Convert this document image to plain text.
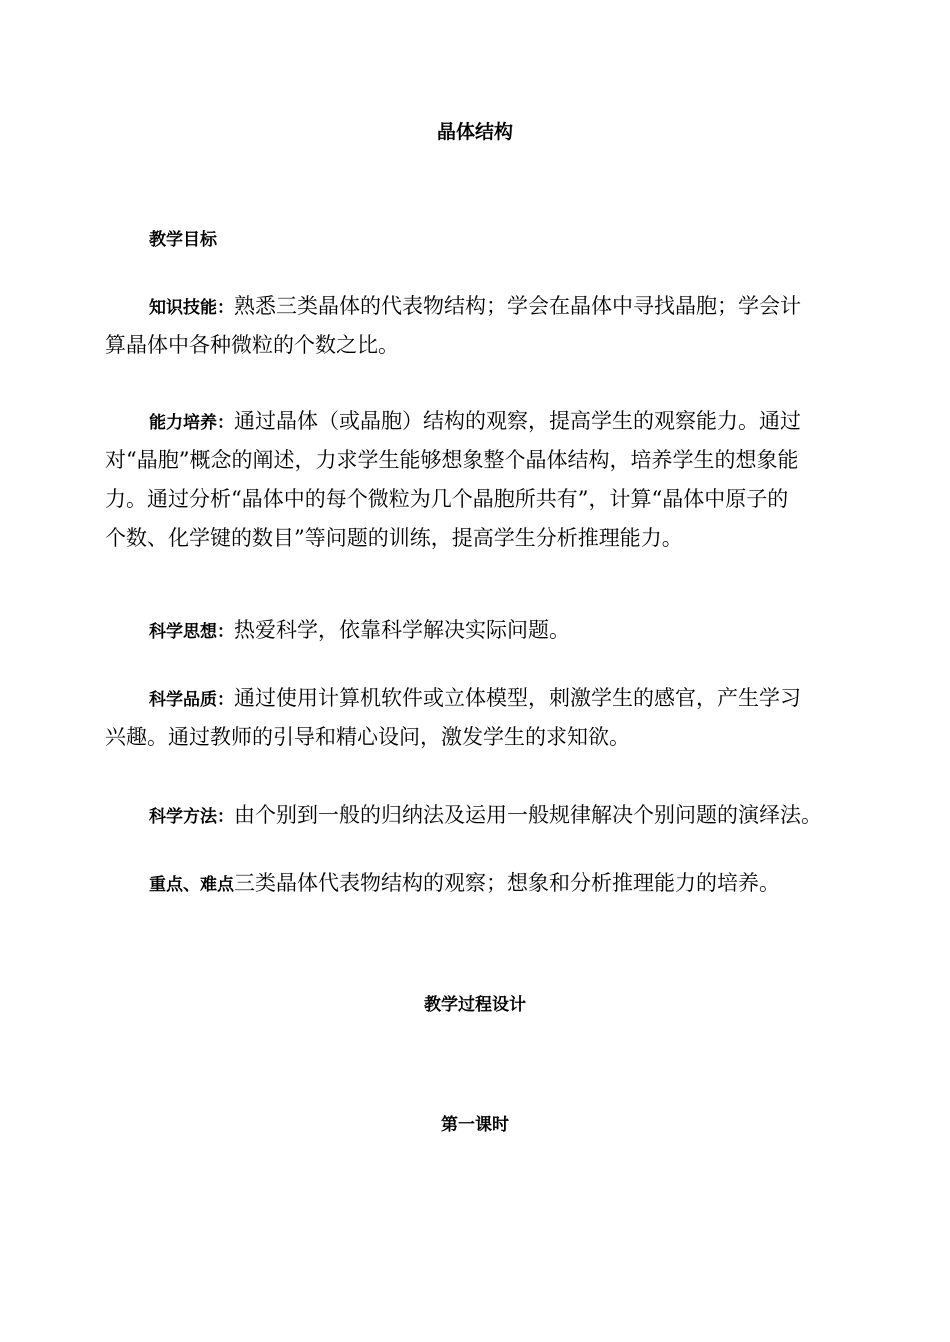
晶体结构
教学目标
知识技能：熟悉三类晶体的代表物结构；学会在晶体中寻找晶胞；学会计
算晶体中各种微粒的个数之比。
能力培养：通过晶体（或晶胞）结构的观察，提高学生的观察能力。通过
对“晶胞”概念的阐述，力求学生能够想象整个晶体结构，培养学生的想象能
力。通过分析“晶体中的每个微粒为几个晶胞所共有”，计算“晶体中原子的
个数、化学键的数目”等问题的训练，提高学生分析推理能力。
科学思想：热爱科学，依靠科学解决实际问题。
科学品质：通过使用计算机软件或立体模型，刺激学生的感官，产生学习
兴趣。通过教师的引导和精心设问，激发学生的求知欲。
科学方法：由个别到一般的归纳法及运用一般规律解决个别问题的演绎法。
重点、难点三类晶体代表物结构的观察；想象和分析推理能力的培养。
教学过程设计
第一课时
